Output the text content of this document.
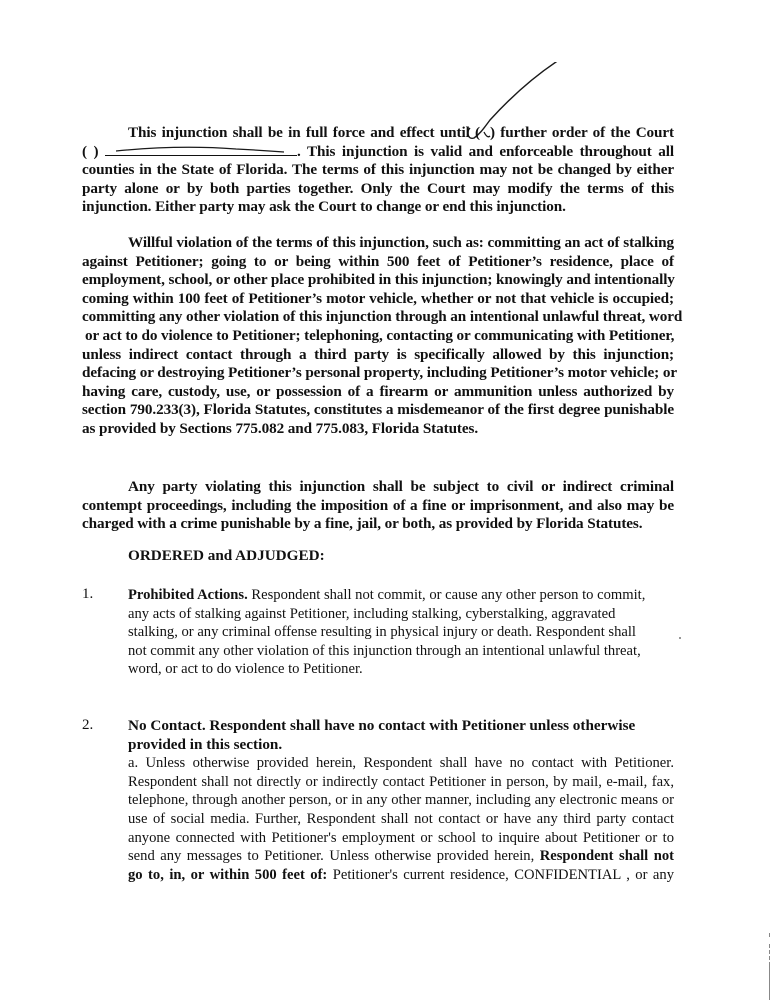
This injunction shall be in full force and effect until ( ) further order of the Court
( )	. This injunction is valid and enforceable throughout all
counties in the State of Florida. The terms of this injunction may not be changed by either
party alone or by both parties together. Only the Court may modify the terms of this
injunction. Either party may ask the Court to change or end this injunction.
Willful violation of the terms of this injunction, such as: committing an act of stalking
against Petitioner; going to or being within 500 feet of Petitioner’s residence, place of
employment, school, or other place prohibited in this injunction; knowingly and intentionally
coming within 100 feet of Petitioner’s motor vehicle, whether or not that vehicle is occupied;
committing any other violation of this injunction through an intentional unlawful threat, word
or act to do violence to Petitioner; telephoning, contacting or communicating with Petitioner,
unless indirect contact through a third party is specifically allowed by this injunction;
defacing or destroying Petitioner’s personal property, including Petitioner’s motor vehicle; or
having care, custody, use, or possession of a firearm or ammunition unless authorized by
section 790.233(3), Florida Statutes, constitutes a misdemeanor of the first degree punishable
as provided by Sections 775.082 and 775.083, Florida Statutes.
Any party violating this injunction shall be subject to civil or indirect criminal
contempt proceedings, including the imposition of a fine or imprisonment, and also may be
charged with a crime punishable by a fine, jail, or both, as provided by Florida Statutes.
ORDERED and ADJUDGED:
1. Prohibited Actions. Respondent shall not commit, or cause any other person to commit,
any acts of stalking against Petitioner, including stalking, cyberstalking, aggravated
stalking, or any criminal offense resulting in physical injury or death. Respondent shall
not commit any other violation of this injunction through an intentional unlawful threat,
word, or act to do violence to Petitioner.
2. No Contact. Respondent shall have no contact with Petitioner unless otherwise
provided in this section.
a. Unless otherwise provided herein, Respondent shall have no contact with Petitioner.
Respondent shall not directly or indirectly contact Petitioner in person, by mail, e-mail, fax,
telephone, through another person, or in any other manner, including any electronic means or
use of social media. Further, Respondent shall not contact or have any third party contact
anyone connected with Petitioner's employment or school to inquire about Petitioner or to
send any messages to Petitioner. Unless otherwise provided herein, Respondent shall not
go to, in, or within 500 feet of: Petitioner's current residence, CONFIDENTIAL , or any
